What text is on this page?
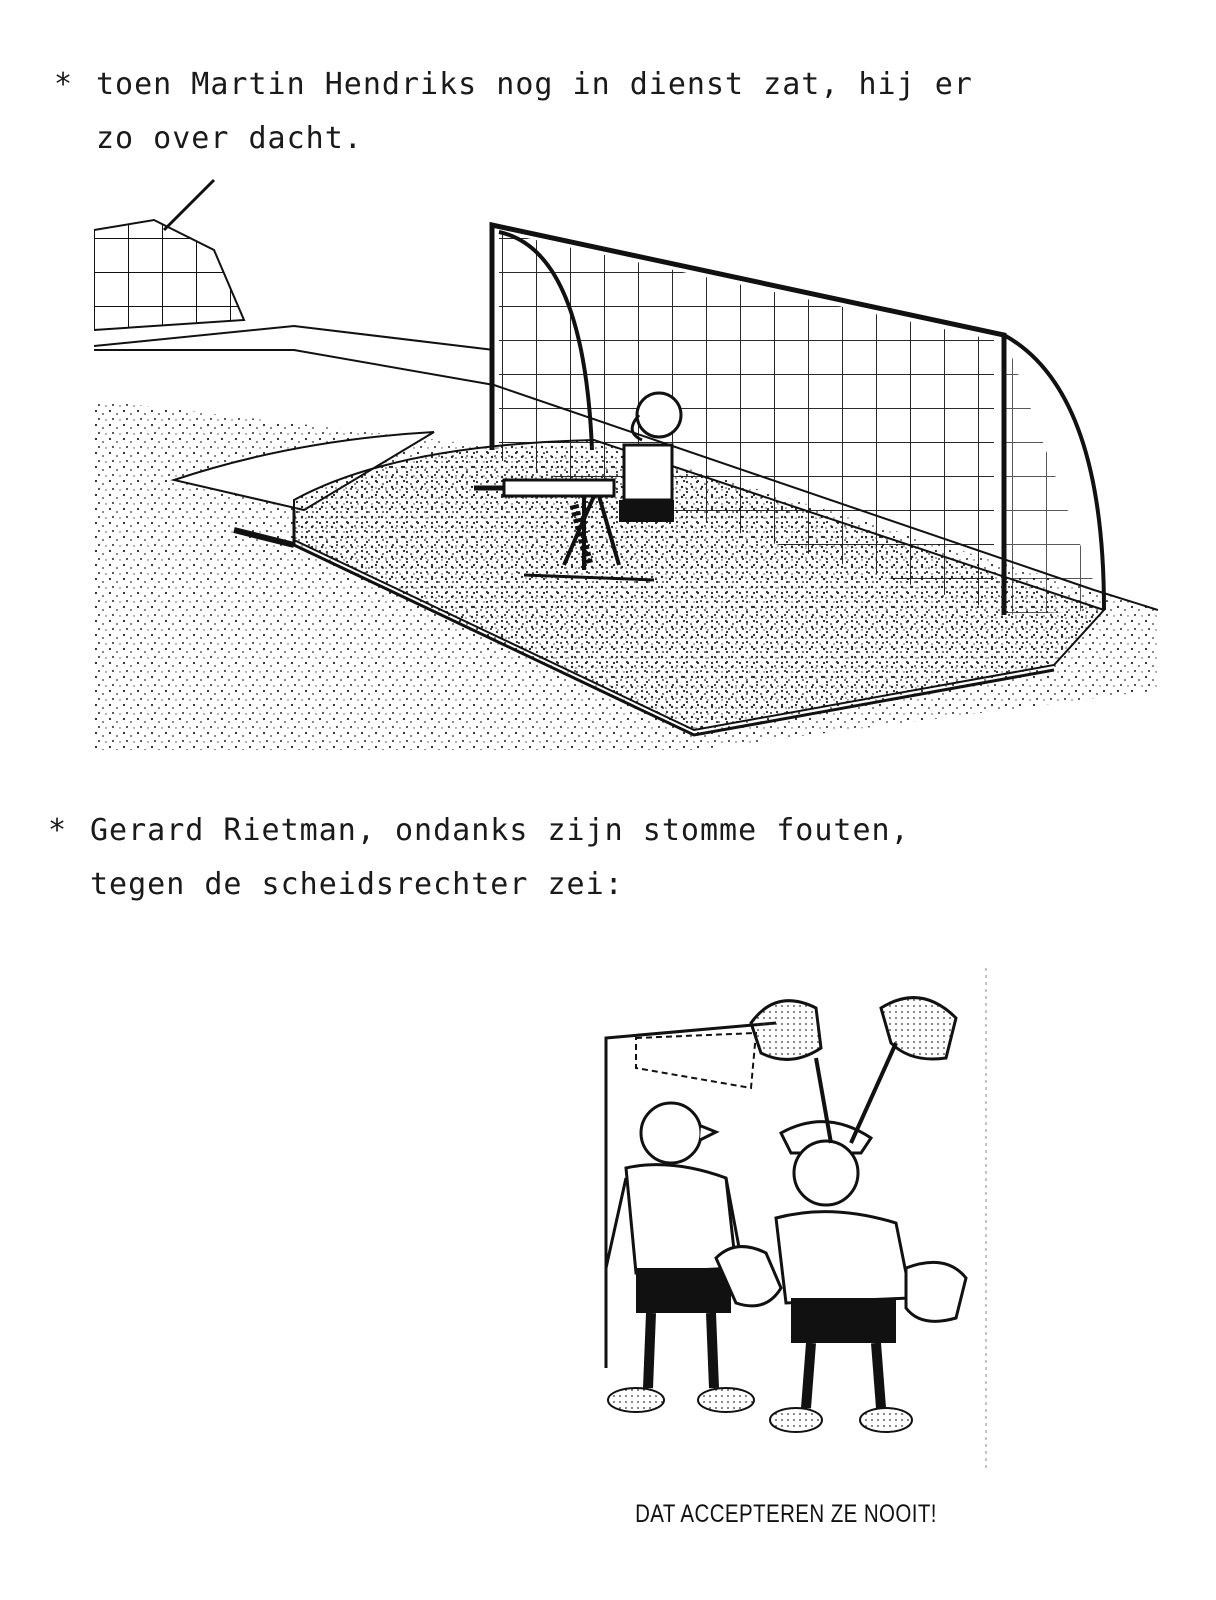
* toen Martin Hendriks nog in dienst zat, hij er
zo over dacht.
* Gerard Rietman, ondanks zijn stomme fouten,
tegen de scheidsrechter zei:
DAT ACCEPTEREN ZE NOOIT!
